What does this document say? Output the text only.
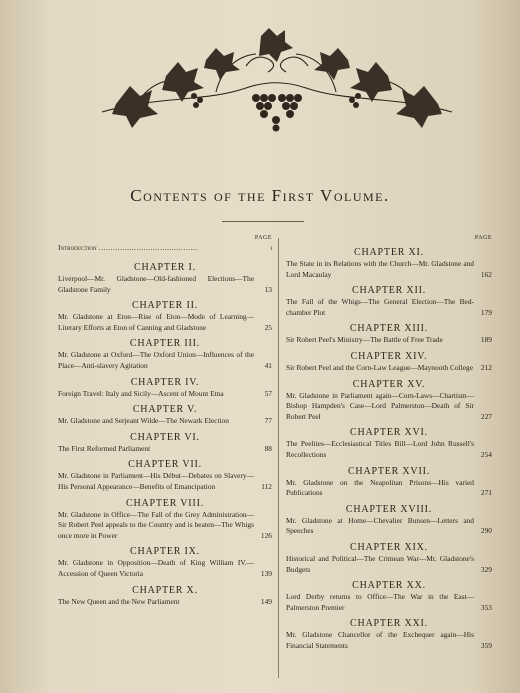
Contents of the First Volume.
PAGE
Introduction ..........................................	i
CHAPTER I.
Liverpool—Mr. Gladstone—Old-fashioned Elections—The Gladstone Family	13
CHAPTER II.
Mr. Gladstone at Eton—Rise of Eton—Mode of Learning—Literary Efforts at Eton of Canning and Gladstone	25
CHAPTER III.
Mr. Gladstone at Oxford—The Oxford Union—Influences of the Place—Anti-slavery Agitation	41
CHAPTER IV.
Foreign Travel: Italy and Sicily—Ascent of Mount Etna	57
CHAPTER V.
Mr. Gladstone and Serjeant Wilde—The Newark Election	77
CHAPTER VI.
The First Reformed Parliament	88
CHAPTER VII.
Mr. Gladstone in Parliament—His Début—Debates on Slavery—His Personal Appearance—Benefits of Emancipation	112
CHAPTER VIII.
Mr. Gladstone in Office—The Fall of the Grey Administration—Sir Robert Peel appeals to the Country and is beaten—The Whigs once more in Power	126
CHAPTER IX.
Mr. Gladstone in Opposition—Death of King William IV.—Accession of Queen Victoria	139
CHAPTER X.
The New Queen and the New Parliament	149
PAGE
CHAPTER XI.
The State in its Relations with the Church—Mr. Gladstone and Lord Macaulay	162
CHAPTER XII.
The Fall of the Whigs—The General Election—The Bed-chamber Plot	179
CHAPTER XIII.
Sir Robert Peel's Ministry—The Battle of Free Trade	189
CHAPTER XIV.
Sir Robert Peel and the Corn-Law League—Maynooth College 212
CHAPTER XV.
Mr. Gladstone in Parliament again—Corn-Laws—Chartism—Bishop Hampden's Case—Lord Palmerston—Death of Sir Robert Peel	227
CHAPTER XVI.
The Peelites—Ecclesiastical Titles Bill—Lord John Russell's Recollections	254
CHAPTER XVII.
Mr. Gladstone on the Neapolitan Prisons—His varied Publications	271
CHAPTER XVIII.
Mr. Gladstone at Home—Chevalier Bunsen—Letters and Speeches	290
CHAPTER XIX.
Historical and Political—The Crimean War—Mr. Gladstone's Budgets	329
CHAPTER XX.
Lord Derby returns to Office—The War in the East—Palmerston Premier	353
CHAPTER XXI.
Mr. Gladstone Chancellor of the Exchequer again—His Financial Statements	359
